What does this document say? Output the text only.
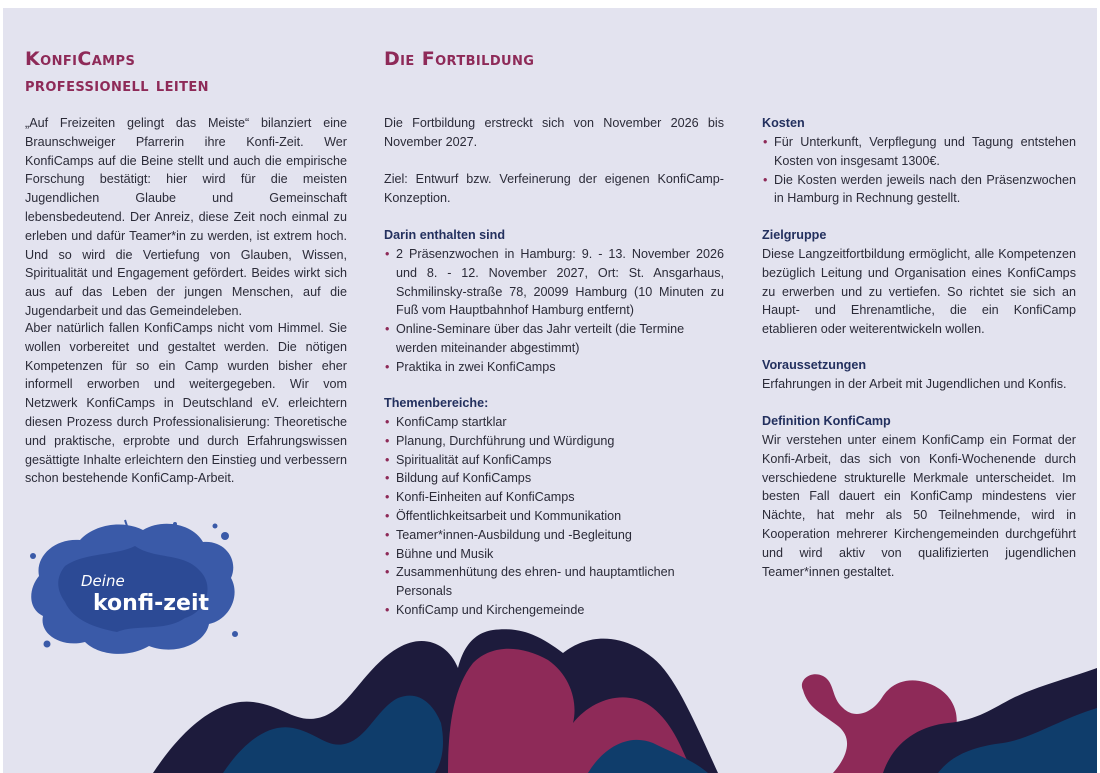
KonfiCamps
professionell leiten

„Auf Freizeiten gelingt das Meiste“ bilanziert eine Braunschweiger Pfarrerin ihre Konfi-Zeit. Wer KonfiCamps auf die Beine stellt und auch die empirische Forschung bestätigt: hier wird für die meisten Jugendlichen Glaube und Gemeinschaft lebensbedeutend. Der Anreiz, diese Zeit noch einmal zu erleben und dafür Teamer*in zu werden, ist extrem hoch. Und so wird die Vertiefung von Glauben, Wissen, Spiritualität und Engagement gefördert. Beides wirkt sich aus auf das Leben der jungen Menschen, auf die Jugendarbeit und das Gemeindeleben.

Aber natürlich fallen KonfiCamps nicht vom Himmel. Sie wollen vorbereitet und gestaltet werden. Die nötigen Kompetenzen für so ein Camp wurden bisher eher informell erworben und weitergegeben. Wir vom Netzwerk KonfiCamps in Deutschland eV. erleichtern diesen Prozess durch Professionalisierung: Theoretische und praktische, erprobte und durch Erfahrungswissen gesättigte Inhalte erleichtern den Einstieg und verbessern schon bestehende KonfiCamp-Arbeit.

Deine
konfi-zeit
Die Fortbildung

Die Fortbildung erstreckt sich von November 2026 bis November 2027.

Ziel: Entwurf bzw. Verfeinerung der eigenen KonfiCamp-Konzeption.

Darin enthalten sind
• 2 Präsenzwochen in Hamburg: 9. - 13. November 2026 und 8. - 12. November 2027, Ort: St. Ansgarhaus, Schmilinsky-straße 78, 20099 Hamburg (10 Minuten zu Fuß vom Hauptbahnhof Hamburg entfernt)
• Online-Seminare über das Jahr verteilt (die Termine werden miteinander abgestimmt)
• Praktika in zwei KonfiCamps
Themenbereiche:
• KonfiCamp startklar
• Planung, Durchführung und Würdigung
• Spiritualität auf KonfiCamps
• Bildung auf KonfiCamps
• Konfi-Einheiten auf KonfiCamps
• Öffentlichkeitsarbeit und Kommunikation
• Teamer*innen-Ausbildung und -Begleitung
• Bühne und Musik
• Zusammenhütung des ehren- und hauptamtlichen Personals
• KonfiCamp und Kirchengemeinde
Kosten
• Für Unterkunft, Verpflegung und Tagung entstehen Kosten von insgesamt 1300€.
• Die Kosten werden jeweils nach den Präsenzwochen in Hamburg in Rechnung gestellt.
Zielgruppe

Diese Langzeitfortbildung ermöglicht, alle Kompetenzen bezüglich Leitung und Organisation eines KonfiCamps zu erwerben und zu vertiefen. So richtet sie sich an Haupt- und Ehrenamtliche, die ein KonfiCamp etablieren oder weiterentwickeln wollen.

Voraussetzungen

Erfahrungen in der Arbeit mit Jugendlichen und Konfis.

Definition KonfiCamp

Wir verstehen unter einem KonfiCamp ein Format der Konfi-Arbeit, das sich von Konfi-Wochenende durch verschiedene strukturelle Merkmale unterscheidet. Im besten Fall dauert ein KonfiCamp mindestens vier Nächte, hat mehr als 50 Teilnehmende, wird in Kooperation mehrerer Kirchengemeinden durchgeführt und wird aktiv von qualifizierten jugendlichen Teamer*innen gestaltet.
